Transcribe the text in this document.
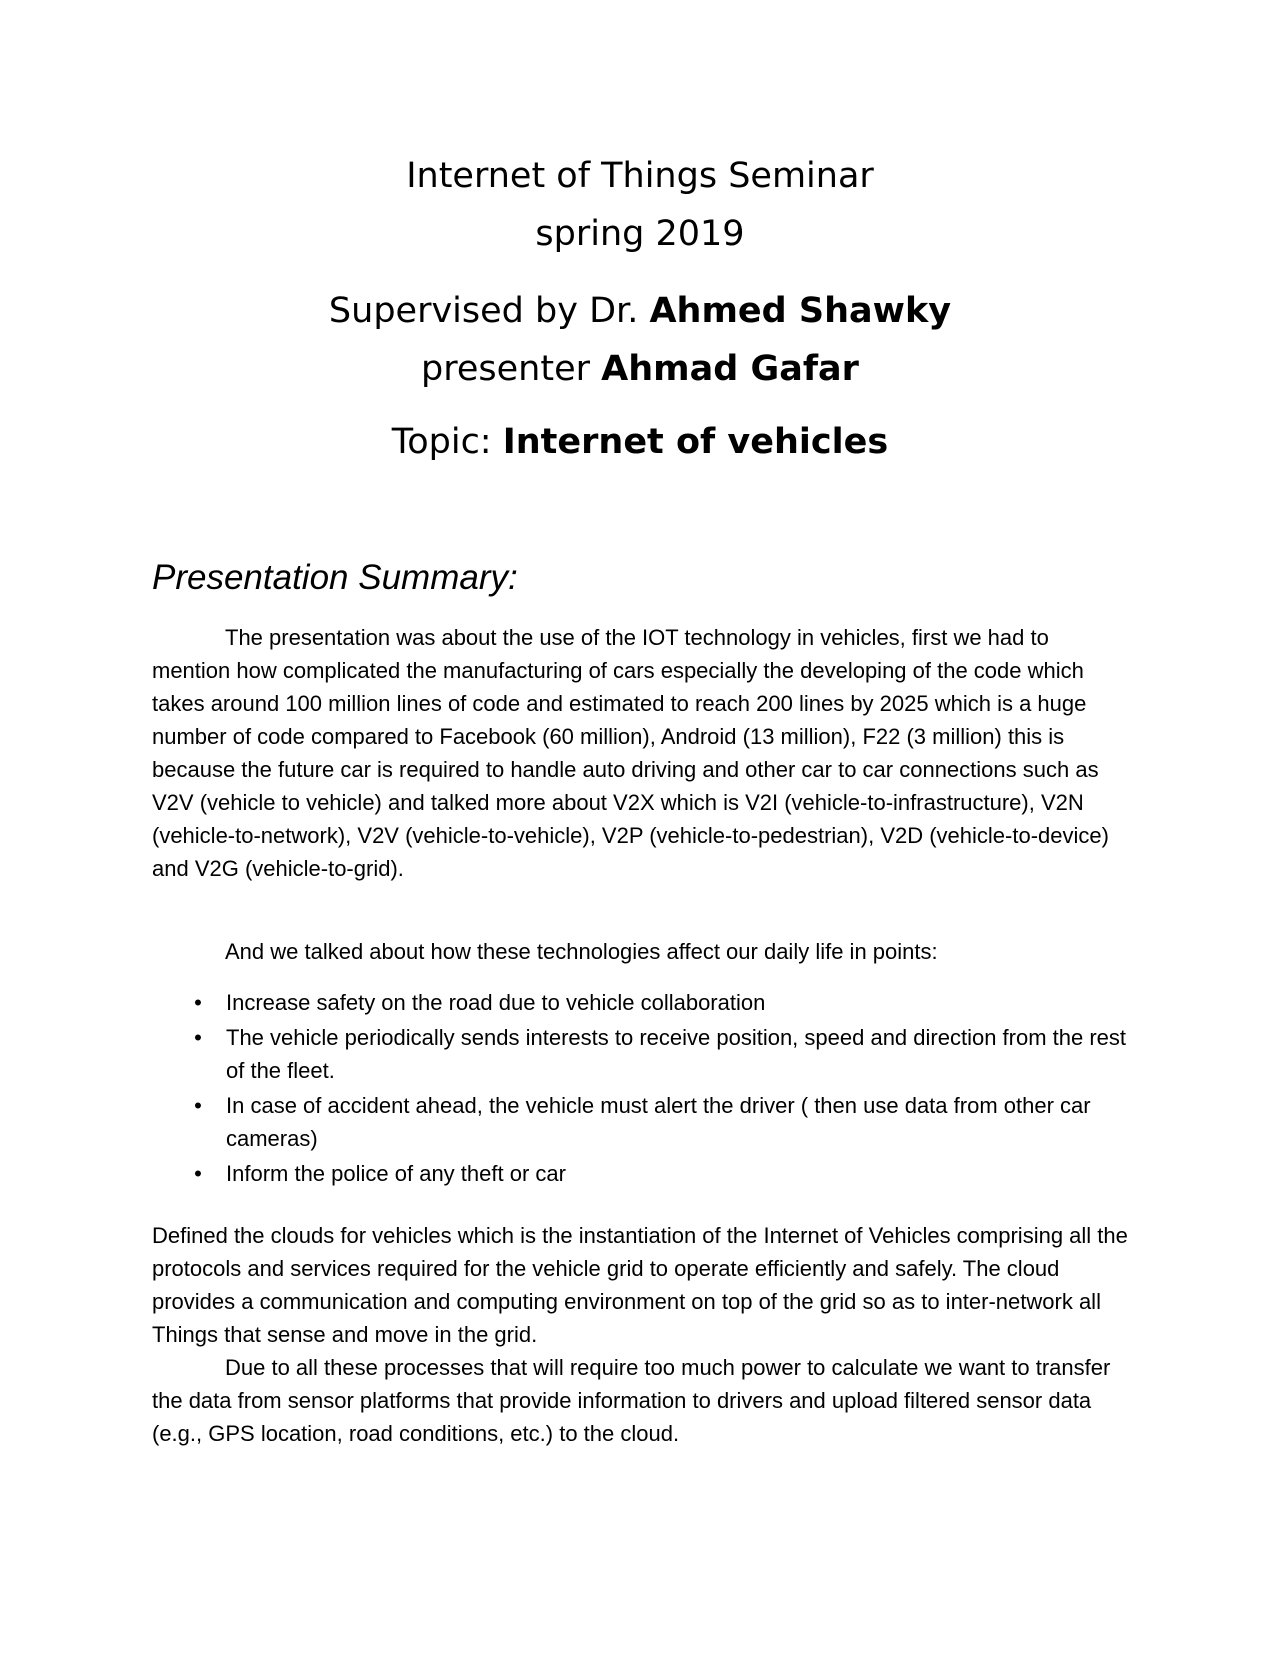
Internet of Things Seminar
spring 2019
Supervised by Dr. Ahmed Shawky
presenter Ahmad Gafar
Topic: Internet of vehicles
Presentation Summary:

The presentation was about the use of the IOT technology in vehicles, first we had to mention how complicated the manufacturing of cars especially the developing of the code which takes around 100 million lines of code and estimated to reach 200 lines by 2025 which is a huge number of code compared to Facebook (60 million), Android (13 million), F22 (3 million) this is because the future car is required to handle auto driving and other car to car connections such as V2V (vehicle to vehicle) and talked more about V2X which is V2I (vehicle-to-infrastructure), V2N (vehicle-to-network), V2V (vehicle-to-vehicle), V2P (vehicle-to-pedestrian), V2D (vehicle-to-device) and V2G (vehicle-to-grid).

And we talked about how these technologies affect our daily life in points:

• Increase safety on the road due to vehicle collaboration
• The vehicle periodically sends interests to receive position, speed and direction from the rest of the fleet.
• In case of accident ahead, the vehicle must alert the driver ( then use data from other car cameras)
• Inform the police of any theft or car

Defined the clouds for vehicles which is the instantiation of the Internet of Vehicles comprising all the protocols and services required for the vehicle grid to operate efficiently and safely. The cloud provides a communication and computing environment on top of the grid so as to inter-network all Things that sense and move in the grid.

Due to all these processes that will require too much power to calculate we want to transfer the data from sensor platforms that provide information to drivers and upload filtered sensor data (e.g., GPS location, road conditions, etc.) to the cloud.
